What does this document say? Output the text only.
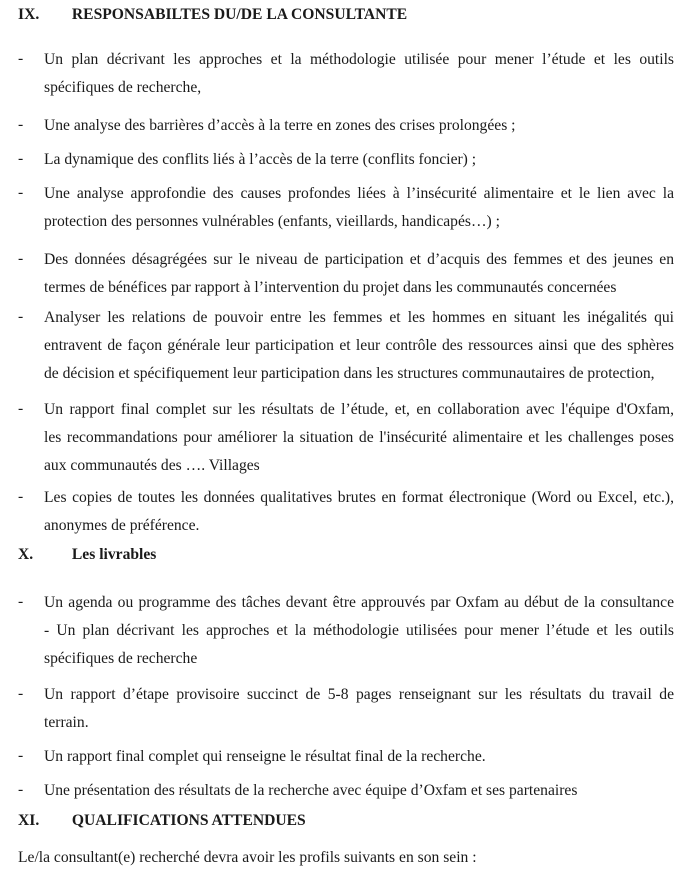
IX. RESPONSABILTES DU/DE LA CONSULTANTE
- Un plan décrivant les approches et la méthodologie utilisée pour mener l’étude et les outils
spécifiques de recherche,
- Une analyse des barrières d’accès à la terre en zones des crises prolongées ;
- La dynamique des conflits liés à l’accès de la terre (conflits foncier) ;
- Une analyse approfondie des causes profondes liées à l’insécurité alimentaire et le lien avec la
protection des personnes vulnérables (enfants, vieillards, handicapés…) ;
- Des données désagrégées sur le niveau de participation et d’acquis des femmes et des jeunes en
termes de bénéfices par rapport à l’intervention du projet dans les communautés concernées
- Analyser les relations de pouvoir entre les femmes et les hommes en situant les inégalités qui
entravent de façon générale leur participation et leur contrôle des ressources ainsi que des sphères
de décision et spécifiquement leur participation dans les structures communautaires de protection,
- Un rapport final complet sur les résultats de l’étude, et, en collaboration avec l'équipe d'Oxfam,
les recommandations pour améliorer la situation de l'insécurité alimentaire et les challenges poses
aux communautés des …. Villages
- Les copies de toutes les données qualitatives brutes en format électronique (Word ou Excel, etc.),
anonymes de préférence.
X. Les livrables
- Un agenda ou programme des tâches devant être approuvés par Oxfam au début de la consultance
- Un plan décrivant les approches et la méthodologie utilisées pour mener l’étude et les outils
spécifiques de recherche
- Un rapport d’étape provisoire succinct de 5-8 pages renseignant sur les résultats du travail de
terrain.
- Un rapport final complet qui renseigne le résultat final de la recherche.
- Une présentation des résultats de la recherche avec équipe d’Oxfam et ses partenaires
XI. QUALIFICATIONS ATTENDUES
Le/la consultant(e) recherché devra avoir les profils suivants en son sein :
